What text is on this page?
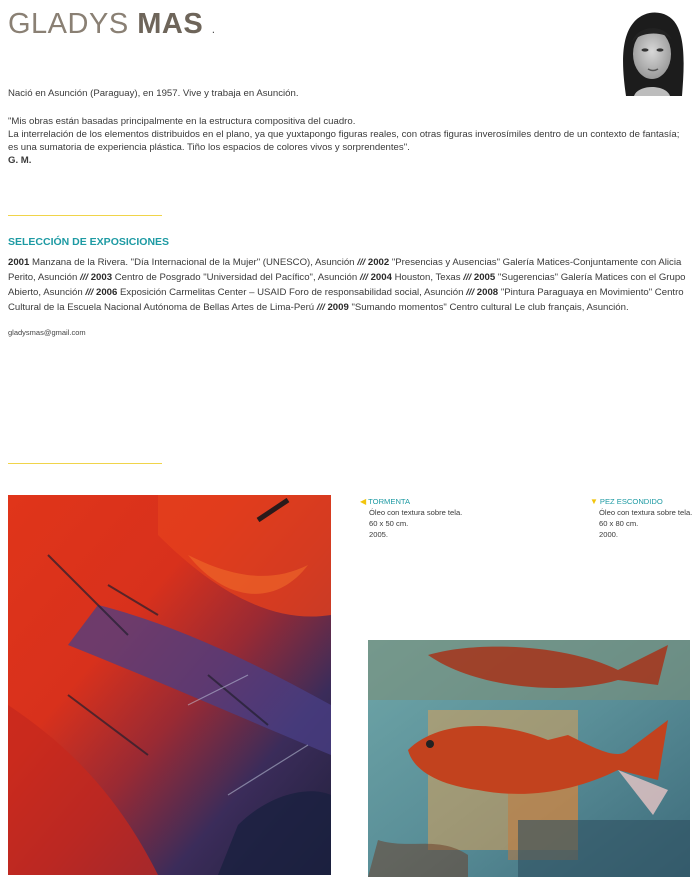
GLADYS MAS .
Nació en Asunción (Paraguay), en 1957. Vive y trabaja en Asunción.
"Mis obras están basadas principalmente en la estructura compositiva del cuadro.
La interrelación de los elementos distribuidos en el plano, ya que yuxtapongo figuras reales, con otras figuras inverosímiles dentro de un contexto de fantasía;
es una sumatoria de experiencia plástica. Tiño los espacios de colores vivos y sorprendentes".
G. M.
SELECCIÓN DE EXPOSICIONES
2001 Manzana de la Rivera. "Día Internacional de la Mujer" (UNESCO), Asunción /// 2002 "Presencias y Ausencias" Galería Matices-Conjuntamente con Alicia Perito, Asunción /// 2003 Centro de Posgrado "Universidad del Pacífico", Asunción /// 2004 Houston, Texas /// 2005 "Sugerencias" Galería Matices con el Grupo Abierto, Asunción /// 2006 Exposición Carmelitas Center – USAID Foro de responsabilidad social, Asunción /// 2008 "Pintura Paraguaya en Movimiento" Centro Cultural de la Escuela Nacional Autónoma de Bellas Artes de Lima-Perú /// 2009 "Sumando momentos" Centro cultural Le club français, Asunción.
gladysmas@gmail.com
◀ TORMENTA
Óleo con textura sobre tela.
60 x 50 cm.
2005.
▼ PEZ ESCONDIDO
Óleo con textura sobre tela.
60 x 80 cm.
2000.
